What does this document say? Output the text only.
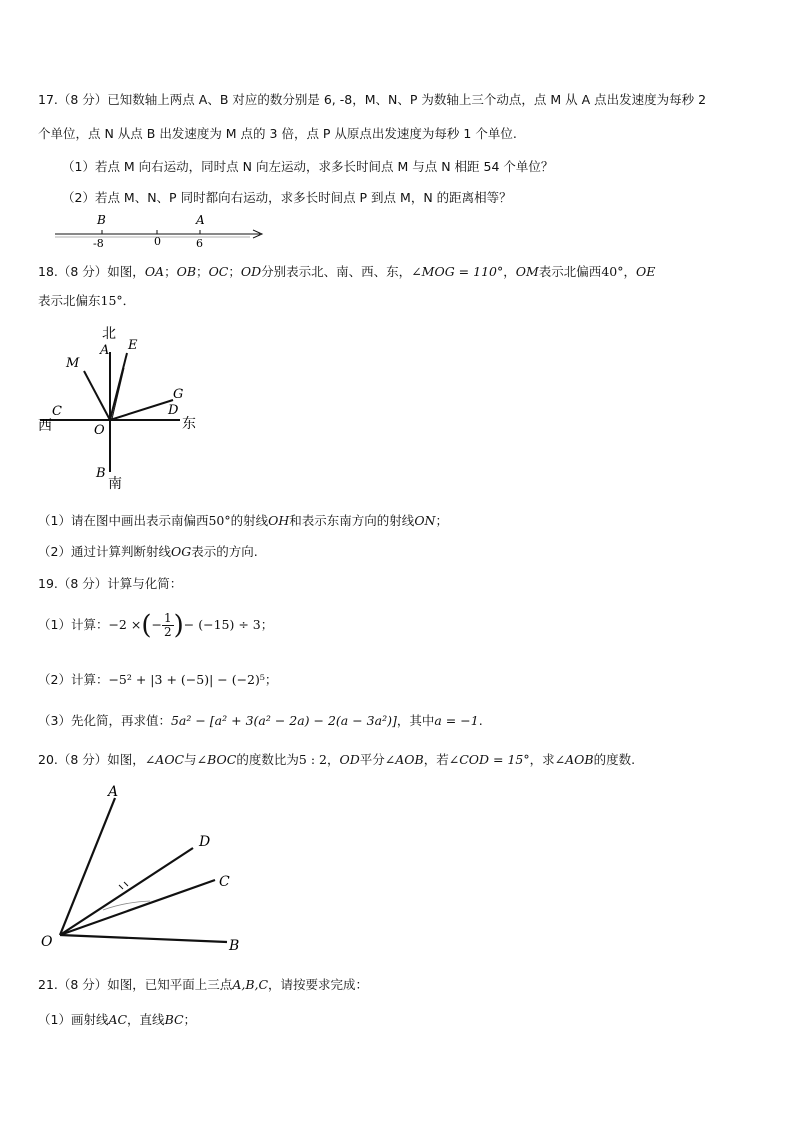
17.（8 分）已知数轴上两点 A、B 对应的数分别是 6, -8，M、N、P 为数轴上三个动点，点 M 从 A 点出发速度为每秒 2
个单位，点 N 从点 B 出发速度为 M 点的 3 倍，点 P 从原点出发速度为每秒 1 个单位.
（1）若点 M 向右运动，同时点 N 向左运动，求多长时间点 M 与点 N 相距 54 个单位？
（2）若点 M、N、P 同时都向右运动，求多长时间点 P 到点 M，N 的距离相等？
B	A
-8	0	6
18.（8 分）如图，OA；OB；OC；OD分别表示北、南、西、东，∠MOG = 110°，OM表示北偏西40°，OE
表示北偏东15°．
北
A E
M
G
D
C
西	东
O
B
南
（1）请在图中画出表示南偏西50°的射线OH和表示东南方向的射线ON；
（2）通过计算判断射线OG表示的方向.
19.（8 分）计算与化简：
（1）计算：−2 ×(− $\frac{1}{2}$ )− (−15) ÷ 3；
（2）计算：−5² + |3 + (−5)| − (−2)⁵；
（3）先化简，再求值：5a² − [a² + 3(a² − 2a) − 2(a − 3a²)]，其中a = −1.
20.（8 分）如图，∠AOC与∠BOC的度数比为5 : 2，OD平分∠AOB，若∠COD = 15°，求∠AOB的度数.
A
D
C
O	B
21.（8 分）如图，已知平面上三点A,B,C，请按要求完成：
（1）画射线AC，直线BC；
